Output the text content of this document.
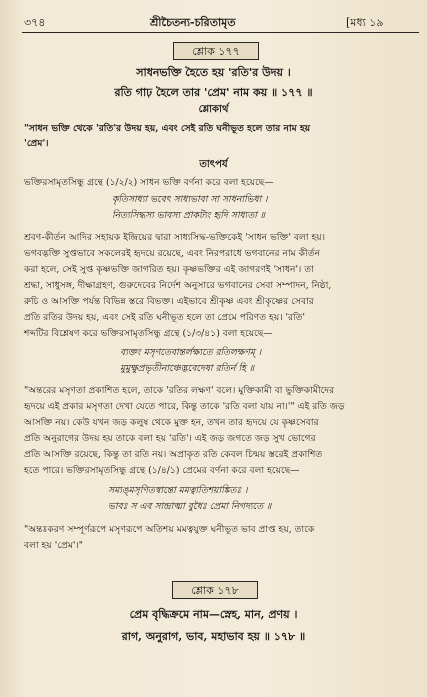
৩৭৪	শ্রীচৈতন্য-চরিতামৃত	[মধ্য ১৯
শ্লোক ১৭৭
সাধনভক্তি হৈতে হয় 'রতি'র উদয় ।
রতি গাঢ় হৈলে তার 'প্রেম' নাম কয় ॥ ১৭৭ ॥
শ্লোকার্থ
"সাধন ভক্তি থেকে 'রতি'র উদয় হয়, এবং সেই রতি ঘনীভূত হলে তার নাম হয়
'প্রেম'।
তাৎপর্য
ভক্তিরসামৃতসিন্ধু গ্রন্থে (১/২/২) সাধন ভক্তি বর্ণনা করে বলা হয়েছে—
কৃতিসাধ্যা ভবেৎ সাধ্যভাবা সা সাধনাভিধা ।
নিত্যসিদ্ধস্য ভাবস্য প্রাকট্যং হৃদি সাধ্যতা ॥
শ্রবণ-কীর্তন আদির সহায়ক ইন্দ্রিয়ের দ্বারা সাধ্যসিদ্ধ-ভক্তিকেই 'সাধন ভক্তি' বলা হয়।
ভগবদ্ভক্তি সুপ্তভাবে সকলেরই হৃদয়ে রয়েছে, এবং নিরপরাধে ভগবানের নাম কীর্তন
করা হলে, সেই সুপ্ত কৃষ্ণভক্তি জাগরিত হয়। কৃষ্ণভক্তির এই জাগরণই 'সাধন'। তা
শ্রদ্ধা, সাধুসঙ্গ, দীক্ষাগ্রহণ, গুরুদেবের নির্দেশ অনুসারে ভগবানের সেবা সম্পাদন, নিষ্ঠা,
রুচি ও আসক্তি পর্যন্ত বিভিন্ন স্তরে বিভক্ত। এইভাবে শ্রীকৃষ্ণ এবং শ্রীকৃষ্ণের সেবার
প্রতি রতির উদয় হয়, এবং সেই রতি ঘনীভূত হলে তা প্রেমে পরিণত হয়। 'রতি'
শব্দটির বিশ্লেষণ করে ভক্তিরসামৃতসিন্ধু গ্রন্থে (১/৩/৪১) বলা হয়েছে—
ব্যক্তং মসৃণতেবান্তর্লক্ষ্যতে রতিলক্ষণম্ ।
মুমুক্ষুপ্রভৃতীনাঞ্চেদ্ভবেদেষা রতির্ন হি ॥
"অন্তরের মসৃণতা প্রকাশিত হলে, তাকে 'রতির লক্ষণ' বলে। মুক্তিকামী বা ভুক্তিকামীদের
হৃদয়ে এই প্রকার মসৃণতা দেখা যেতে পারে, কিন্তু তাকে 'রতি বলা যায় না।'" এই রতি জড়
আসক্তি নয়। কেউ যখন জড় কলুষ থেকে মুক্ত হন, তখন তার হৃদয়ে যে কৃষ্ণসেবার
প্রতি অনুরাগের উদয় হয় তাকে বলা হয় 'রতি'। এই জড় জগতে জড় সুখ ভোগের
প্রতি আসক্তি রয়েছে, কিন্তু তা রতি নয়। অপ্রাকৃত রতি কেবল চিন্ময় স্তরেই প্রকাশিত
হতে পারে। ভক্তিরসামৃতসিন্ধু গ্রন্থে (১/৪/১) প্রেমের বর্ণনা করে বলা হয়েছে—
সম্যঙ্‌মসৃণিতস্বান্তো মমত্বাতিশয়াঙ্কিতঃ ।
ভাবঃ স এব সান্দ্রাত্মা বুধৈঃ প্রেমা নিগদ্যতে ॥
"অন্তঃকরণ সম্পূর্ণরূপে মসৃণরূপে অতিশয় মমত্বযুক্ত ঘনীভূত ভাব প্রাপ্ত হয়, তাকে
বলা হয় 'প্রেম'।"
শ্লোক ১৭৮
প্রেম বৃদ্ধিক্রমে নাম—স্নেহ, মান, প্রণয় ।
রাগ, অনুরাগ, ভাব, মহাভাব হয় ॥ ১৭৮ ॥
